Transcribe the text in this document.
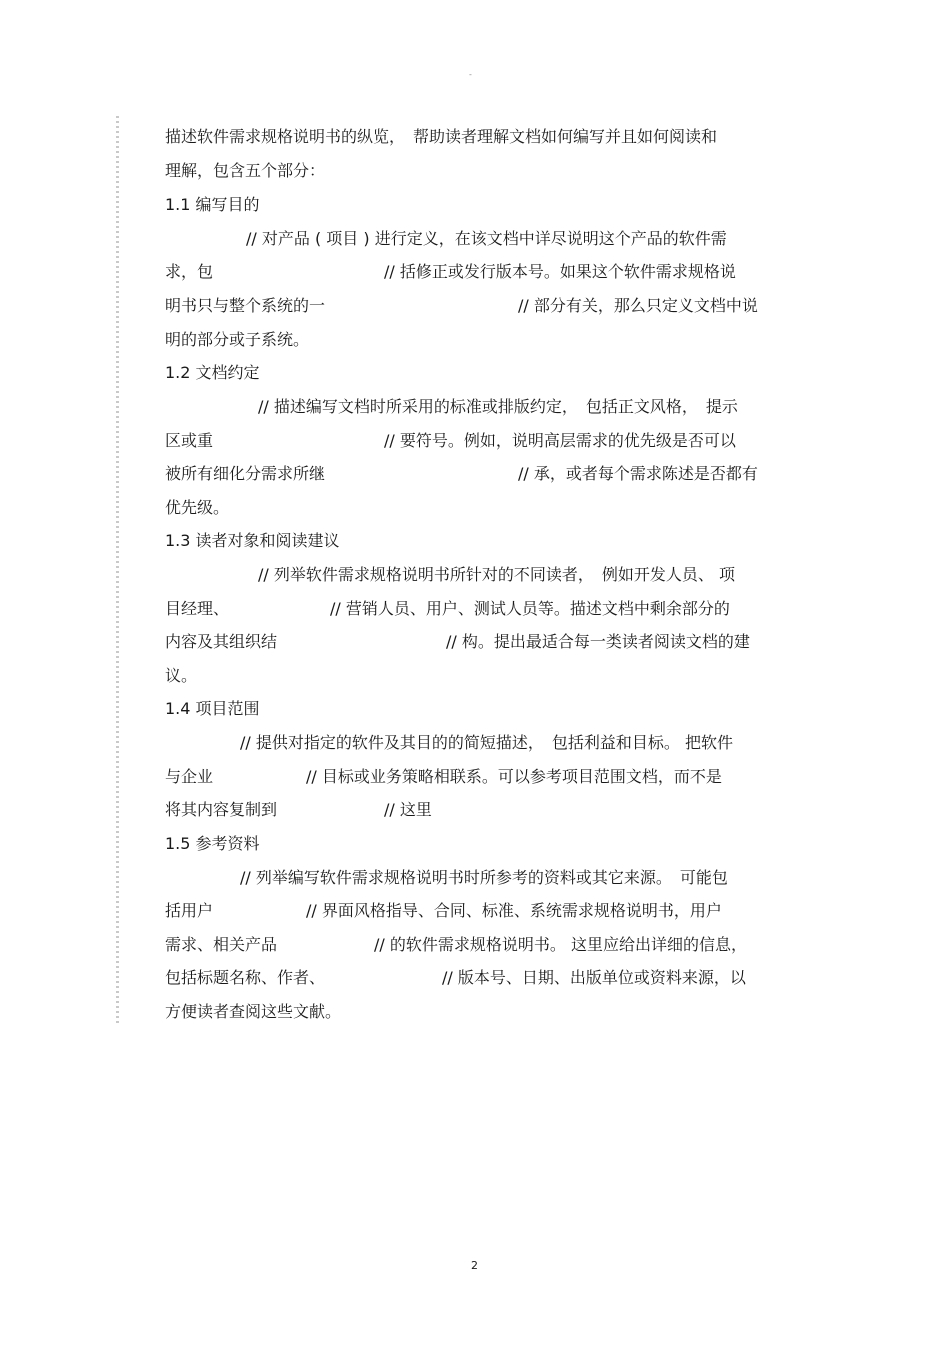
-
描述软件需求规格说明书的纵览，　帮助读者理解文档如何编写并且如何阅读和
理解，包含五个部分：
1.1 编写目的
// 对产品 ( 项目 ) 进行定义，在该文档中详尽说明这个产品的软件需
求，包	// 括修正或发行版本号。如果这个软件需求规格说
明书只与整个系统的一	// 部分有关，那么只定义文档中说
明的部分或子系统。
1.2 文档约定
// 描述编写文档时所采用的标准或排版约定，　包括正文风格，　提示
区或重	// 要符号。例如，说明高层需求的优先级是否可以
被所有细化分需求所继	// 承，或者每个需求陈述是否都有
优先级。
1.3 读者对象和阅读建议
// 列举软件需求规格说明书所针对的不同读者，　例如开发人员、 项
目经理、	// 营销人员、用户、测试人员等。描述文档中剩余部分的
内容及其组织结	// 构。提出最适合每一类读者阅读文档的建
议。
1.4 项目范围
// 提供对指定的软件及其目的的简短描述，　包括利益和目标。 把软件
与企业	// 目标或业务策略相联系。可以参考项目范围文档，而不是
将其内容复制到	// 这里
1.5 参考资料
// 列举编写软件需求规格说明书时所参考的资料或其它来源。　可能包
括用户	// 界面风格指导、合同、标准、系统需求规格说明书，用户
需求、相关产品	// 的软件需求规格说明书。 这里应给出详细的信息，
包括标题名称、作者、	// 版本号、日期、出版单位或资料来源，以
方便读者查阅这些文献。
2
